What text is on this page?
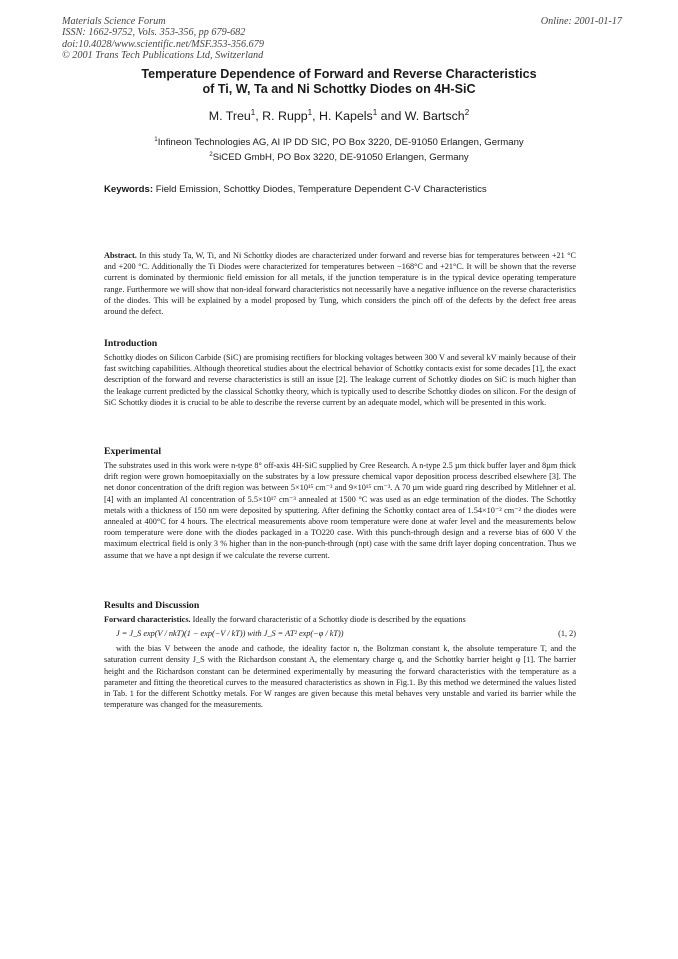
Materials Science Forum
ISSN: 1662-9752, Vols. 353-356, pp 679-682
doi:10.4028/www.scientific.net/MSF.353-356.679
© 2001 Trans Tech Publications Ltd, Switzerland
Online: 2001-01-17
Temperature Dependence of Forward and Reverse Characteristics
of Ti, W, Ta and Ni Schottky Diodes on 4H-SiC
M. Treu$^1$, R. Rupp$^1$, H. Kapels$^1$ and W. Bartsch$^2$
$^1$Infineon Technologies AG, AI IP DD SIC, PO Box 3220, DE-91050 Erlangen, Germany
$^2$SiCED GmbH, PO Box 3220, DE-91050 Erlangen, Germany
Keywords: Field Emission, Schottky Diodes, Temperature Dependent C-V Characteristics

Abstract. In this study Ta, W, Ti, and Ni Schottky diodes are characterized under forward and reverse bias for temperatures between +21 °C and +200 °C. Additionally the Ti Diodes were characterized for temperatures between −168°C and +21°C. It will be shown that the reverse current is dominated by thermionic field emission for all metals, if the junction temperature is in the typical device operating temperature range. Furthermore we will show that non-ideal forward characteristics not necessarily have a negative influence on the reverse characteristics of the diodes. This will be explained by a model proposed by Tung, which considers the pinch off of the defects by the defect free areas around the defect.

Introduction

Schottky diodes on Silicon Carbide (SiC) are promising rectifiers for blocking voltages between 300 V and several kV mainly because of their fast switching capabilities. Although theoretical studies about the electrical behavior of Schottky contacts exist for some decades [1], the exact description of the forward and reverse characteristics is still an issue [2]. The leakage current of Schottky diodes on SiC is much higher than the leakage current predicted by the classical Schottky theory, which is typically used to describe Schottky diodes on silicon. For the design of SiC Schottky diodes it is crucial to be able to describe the reverse current by an adequate model, which will be presented in this work.

Experimental

The substrates used in this work were n-type 8° off-axis 4H-SiC supplied by Cree Research. A n-type 2.5 µm thick buffer layer and 8µm thick drift region were grown homoepitaxially on the substrates by a low pressure chemical vapor deposition process described elsewhere [3]. The net donor concentration of the drift region was between 5×10¹⁵ cm⁻³ and 9×10¹⁵ cm⁻³. A 70 µm wide guard ring described by Mitlehner et al. [4] with an implanted Al concentration of 5.5×10¹⁷ cm⁻³ annealed at 1500 °C was used as an edge termination of the diodes. The Schottky metals with a thickness of 150 nm were deposited by sputtering. After defining the Schottky contact area of 1.54×10⁻² cm⁻² the diodes were annealed at 400°C for 4 hours. The electrical measurements above room temperature were done at wafer level and the measurements below room temperature were done with the diodes packaged in a TO220 case. With this punch-through design and a reverse bias of 600 V the maximum electrical field is only 3 % higher than in the non-punch-through (npt) case with the same drift layer doping concentration. Thus we assume that we have a npt design if we calculate the reverse current.

Results and Discussion

Forward characteristics. Ideally the forward characteristic of a Schottky diode is described by the equations

J = J_S exp(V / nkT)(1 − exp(−V / kT)) with J_S = AT² exp(−φ / kT))	(1, 2)

with the bias V between the anode and cathode, the ideality factor n, the Boltzman constant k, the absolute temperature T, and the saturation current density J_S with the Richardson constant A, the elementary charge q, and the Schottky barrier height φ [1]. The barrier height and the Richardson constant can be determined experimentally by measuring the forward characteristics with the temperature as a parameter and fitting the theoretical curves to the measured characteristics as shown in Fig.1. By this method we determined the values listed in Tab. 1 for the different Schottky metals. For W ranges are given because this metal behaves very unstable and varied its barrier while the temperature was changed for the measurements.
